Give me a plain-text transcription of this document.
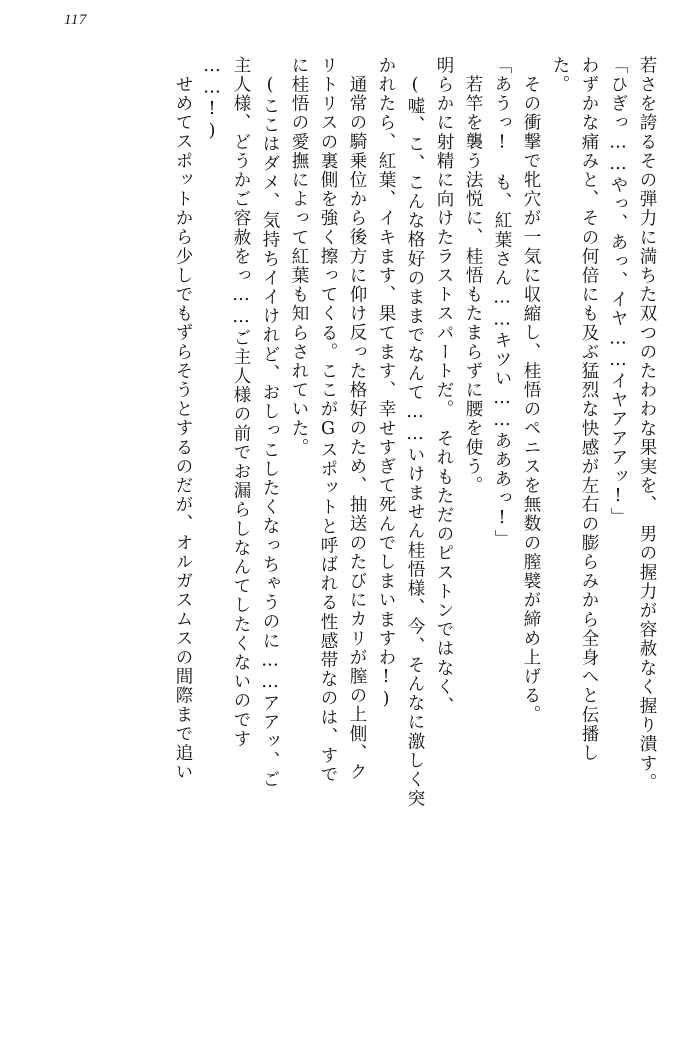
117
若さを誇るその弾力に満ちた双つのたわわな果実を、　男の握力が容赦なく握り潰す。
「ひぎっ……やっ、あっ、イヤ……イヤアアアッ!」
わずかな痛みと、その何倍にも及ぶ猛烈な快感が左右の膨らみから全身へと伝播し
た。
その衝撃で牝穴が一気に収縮し、桂悟のペニスを無数の膣襞が締め上げる。
「あうっ!　も、紅葉さん……キツい……あああっ!」
若竿を襲う法悦に、桂悟もたまらずに腰を使う。
明らかに射精に向けたラストスパートだ。　それもただのピストンではなく、
(嘘、こ、こんな格好のままでなんて……いけません桂悟様、今、そんなに激しく突
かれたら、紅葉、イキます、果てます、幸せすぎて死んでしまいますわ!)
通常の騎乗位から後方に仰け反った格好のため、抽送のたびにカリが膣の上側、ク
リトリスの裏側を強く擦ってくる。ここがGスポットと呼ばれる性感帯なのは、すで
に桂悟の愛撫によって紅葉も知らされていた。
(ここはダメ、気持ちイイけれど、おしっこしたくなっちゃうのに……アアッ、ご
主人様、どうかご容赦をっ……ご主人様の前でお漏らしなんてしたくないのです
……!)
せめてスポットから少しでもずらそうとするのだが、オルガスムスの間際まで追い
